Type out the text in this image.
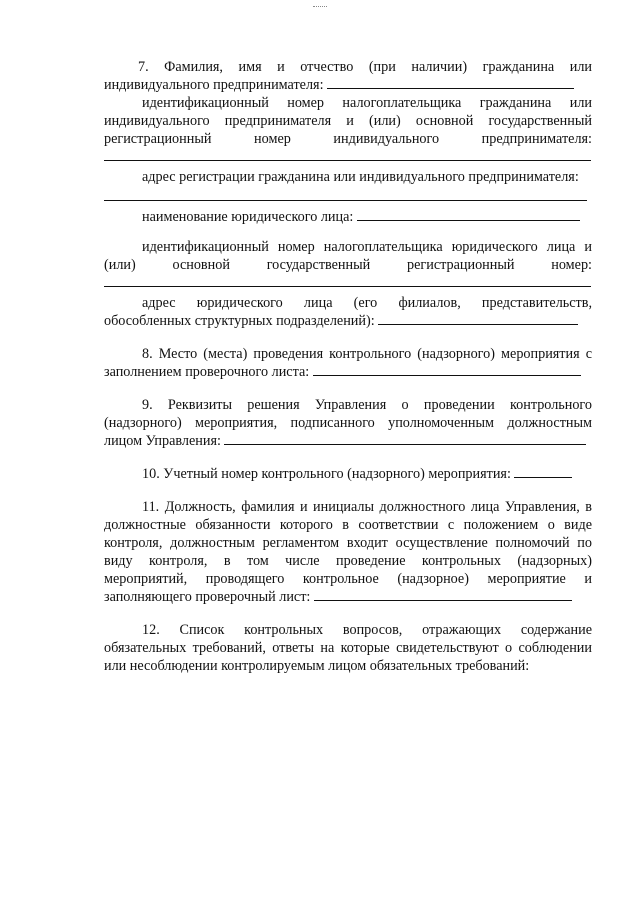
7. Фамилия, имя и отчество (при наличии) гражданина или

индивидуального предпринимателя:

идентификационный номер налогоплательщика гражданина или

индивидуального предпринимателя и (или) основной государственный

регистрационный номер индивидуального предпринимателя:

адрес регистрации гражданина или индивидуального предпринимателя:

наименование юридического лица:

идентификационный номер налогоплательщика юридического лица и

(или) основной государственный регистрационный номер:

адрес юридического лица (его филиалов, представительств,

обособленных структурных подразделений):

8. Место (места) проведения контрольного (надзорного) мероприятия с

заполнением проверочного листа:

9. Реквизиты решения Управления о проведении контрольного

(надзорного) мероприятия, подписанного уполномоченным должностным

лицом Управления:

10. Учетный номер контрольного (надзорного) мероприятия:

11. Должность, фамилия и инициалы должностного лица Управления, в

должностные обязанности которого в соответствии с положением о виде

контроля, должностным регламентом входит осуществление полномочий по

виду контроля, в том числе проведение контрольных (надзорных)

мероприятий, проводящего контрольное (надзорное) мероприятие и

заполняющего проверочный лист:

12. Список контрольных вопросов, отражающих содержание

обязательных требований, ответы на которые свидетельствуют о соблюдении

или несоблюдении контролируемым лицом обязательных требований:
